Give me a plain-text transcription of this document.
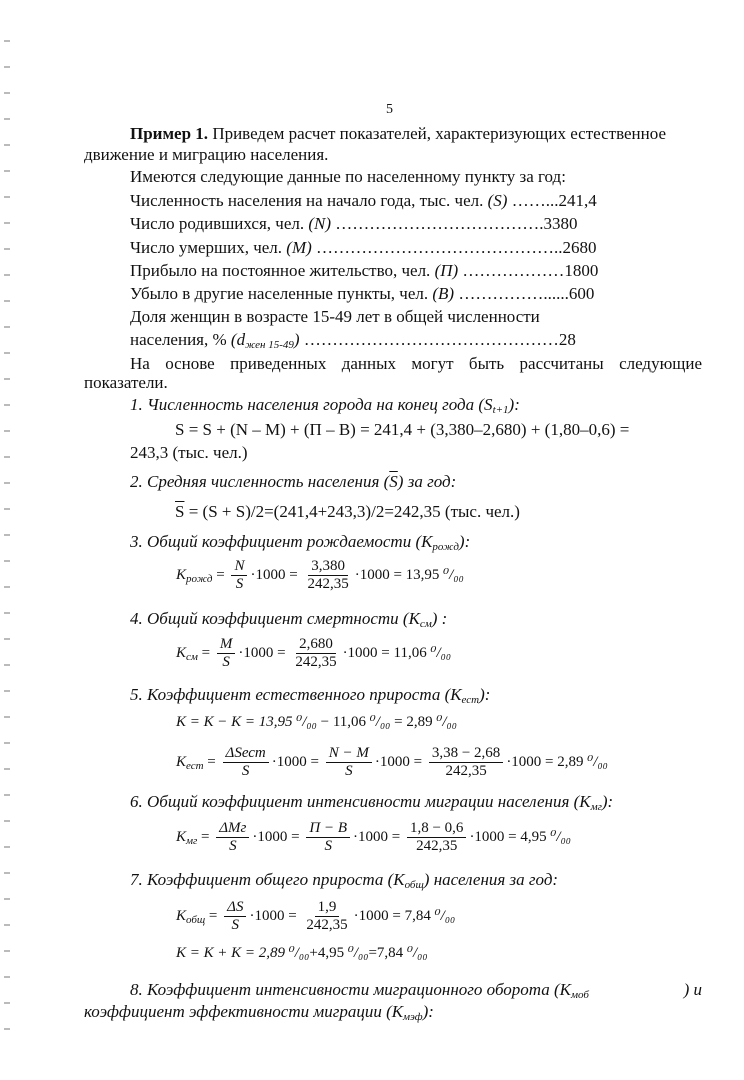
5
Пример 1. Приведем расчет показателей, характеризующих естественное
движение и миграцию населения.
Имеются следующие данные по населенному пункту за год:
Численность населения на начало года, тыс. чел. (S) ……...241,4
Число родившихся, чел. (N) ……………………………….3380
Число умерших, чел. (M) ……………………………………..2680
Прибыло на постоянное жительство, чел. (П) ………………1800
Убыло в другие населенные пункты, чел. (В) ……………......600
Доля женщин в возрасте 15-49 лет в общей численности
населения, % $(d_{жен 15-49})$ ………………………………………28
На основе приведенных данных могут быть рассчитаны следующие
показатели.
1. Численность населения города на конец года $(S_{t+1})$:
S = S + (N – M) + (П – В) = 241,4 + (3,380–2,680) + (1,80–0,6) =
243,3 (тыс. чел.)
2. Средняя численность населения $(\overline{S})$ за год:
$\overline{S} = (S + S)/2=(241,4+243,3)/2=242,35$ (тыс. чел.)
3. Общий коэффициент рождаемости $(К_{рожд})$:
$К_{рожд} = \frac{N}{S} \cdot 1000 = \frac{3,380}{242,35} \cdot 1000 = 13,95$ ⁰/₀₀
4. Общий коэффициент смертности $(К_{см})$ :
$К_{см} = \frac{M}{S} \cdot 1000 = \frac{2,680}{242,35} \cdot 1000 = 11,06$ ⁰/₀₀
5. Коэффициент естественного прироста $(К_{ест})$:
К = К − К = 13,95 ⁰/₀₀ − 11,06 ⁰/₀₀ = 2,89 ⁰/₀₀
$К_{ест} = \frac{\text{ΔSест}}{S} \cdot 1000 = \frac{N - M}{S} \cdot 1000 = \frac{3,38 - 2,68}{242,35} \cdot 1000 = 2,89$ ⁰/₀₀
6. Общий коэффициент интенсивности миграции населения $(К_{мг})$:
$К_{мг} = \frac{\text{ΔMг}}{S} \cdot 1000 = \frac{П - В}{S} \cdot 1000 = \frac{1,8 - 0,6}{242,35} \cdot 1000 = 4,95$ ⁰/₀₀
7. Коэффициент общего прироста $(К_{общ})$ населения за год:
$К_{общ} = \frac{\Delta S}{S} \cdot 1000 = \frac{1,9}{242,35} \cdot 1000 = 7,84$ ⁰/₀₀
К = К + К = 2,89 ⁰/₀₀+4,95 ⁰/₀₀=7,84 ⁰/₀₀
8. Коэффициент интенсивности миграционного оборота ($К_{моб}$	) и
коэффициент эффективности миграции $(К_{мэф})$:
